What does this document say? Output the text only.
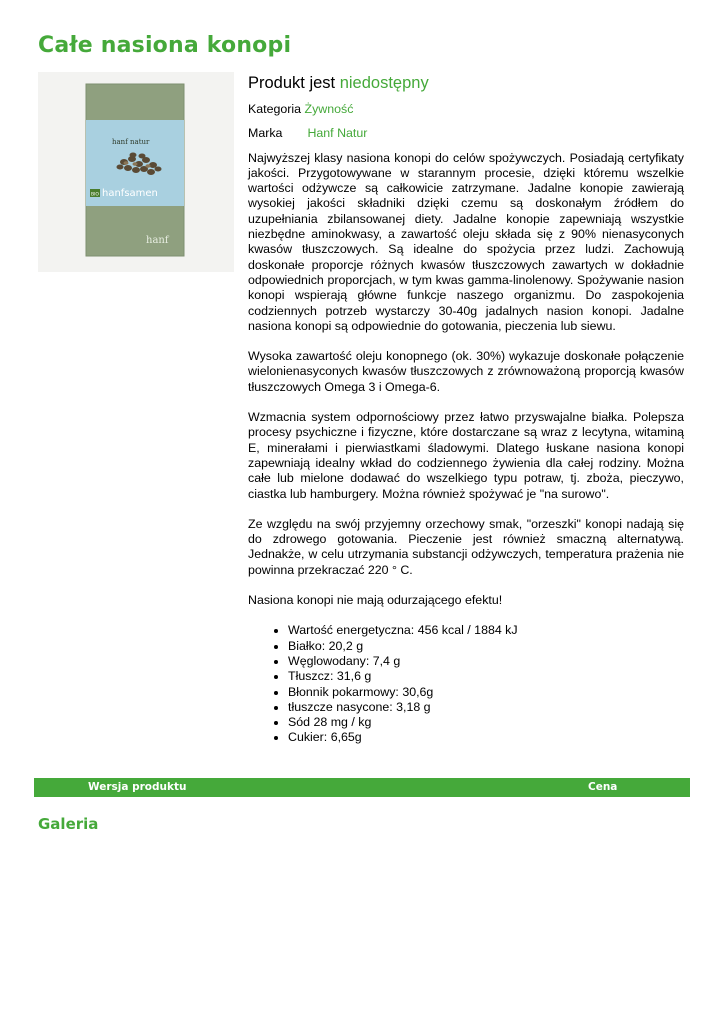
Całe nasiona konopi
hanf natur
BIO hanfsamen
hanf
Produkt jest niedostępny
Kategoria Żywność
Marka Hanf Natur

Najwyższej klasy nasiona konopi do celów spożywczych. Posiadają certyfikaty jakości. Przygotowywane w starannym procesie, dzięki któremu wszelkie wartości odżywcze są całkowicie zatrzymane. Jadalne konopie zawierają wysokiej jakości składniki dzięki czemu są doskonałym źródłem do uzupełniania zbilansowanej diety. Jadalne konopie zapewniają wszystkie niezbędne aminokwasy, a zawartość oleju składa się z 90% nienasyconych kwasów tłuszczowych. Są idealne do spożycia przez ludzi. Zachowują doskonałe proporcje różnych kwasów tłuszczowych zawartych w dokładnie odpowiednich proporcjach, w tym kwas gamma-linolenowy. Spożywanie nasion konopi wspierają główne funkcje naszego organizmu. Do zaspokojenia codziennych potrzeb wystarczy 30-40g jadalnych nasion konopi. Jadalne nasiona konopi są odpowiednie do gotowania, pieczenia lub siewu.

Wysoka zawartość oleju konopnego (ok. 30%) wykazuje doskonałe połączenie wielonienasyconych kwasów tłuszczowych z zrównoważoną proporcją kwasów tłuszczowych Omega 3 i Omega-6.

Wzmacnia system odpornościowy przez łatwo przyswajalne białka. Polepsza procesy psychiczne i fizyczne, które dostarczane są wraz z lecytyna, witaminą E, minerałami i pierwiastkami śladowymi. Dlatego łuskane nasiona konopi zapewniają idealny wkład do codziennego żywienia dla całej rodziny. Można całe lub mielone dodawać do wszelkiego typu potraw, tj. zboża, pieczywo, ciastka lub hamburgery. Można również spożywać je "na surowo".

Ze względu na swój przyjemny orzechowy smak, "orzeszki" konopi nadają się do zdrowego gotowania. Pieczenie jest również smaczną alternatywą. Jednakże, w celu utrzymania substancji odżywczych, temperatura prażenia nie powinna przekraczać 220 ° C.

Nasiona konopi nie mają odurzającego efektu!

• Wartość energetyczna: 456 kcal / 1884 kJ
• Białko: 20,2 g
• Węglowodany: 7,4 g
• Tłuszcz: 31,6 g
• Błonnik pokarmowy: 30,6g
• tłuszcze nasycone: 3,18 g
• Sód 28 mg / kg
• Cukier: 6,65g
Wersja produktu	Cena
Galeria
